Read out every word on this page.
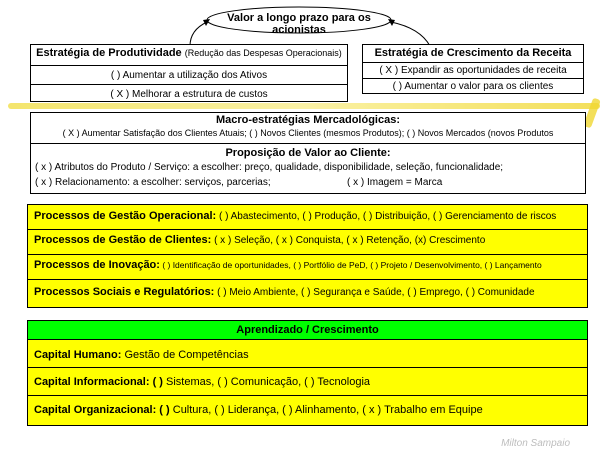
Valor a longo prazo para os acionistas
Estratégia de Produtividade (Redução das Despesas Operacionais)
( ) Aumentar a utilização dos Ativos
( X ) Melhorar a estrutura de custos
Estratégia de Crescimento da Receita
( X ) Expandir as oportunidades de receita
( ) Aumentar o valor para os clientes
Macro-estratégias Mercadológicas:
( X ) Aumentar Satisfação dos Clientes Atuais; ( ) Novos Clientes (mesmos Produtos); ( ) Novos Mercados (novos Produtos
Proposição de Valor ao Cliente:
( x ) Atributos do Produto / Serviço: a escolher: preço, qualidade, disponibilidade, seleção, funcionalidade;
( x ) Relacionamento: a escolher: serviços, parcerias;	( x ) Imagem = Marca
Processos de Gestão Operacional: ( ) Abastecimento, ( ) Produção, ( ) Distribuição, ( ) Gerenciamento de riscos
Processos de Gestão de Clientes: ( x ) Seleção, ( x ) Conquista, ( x ) Retenção, (x) Crescimento
Processos de Inovação: ( ) Identificação de oportunidades, ( ) Portfólio de PeD, ( ) Projeto / Desenvolvimento, ( ) Lançamento
Processos Sociais e Regulatórios: ( ) Meio Ambiente, ( ) Segurança e Saúde, ( ) Emprego, ( ) Comunidade
Aprendizado / Crescimento
Capital Humano: Gestão de Competências
Capital Informacional: ( ) Sistemas, ( ) Comunicação, ( ) Tecnologia
Capital Organizacional: ( ) Cultura, ( ) Liderança, ( ) Alinhamento, ( x ) Trabalho em Equipe
Milton Sampaio
